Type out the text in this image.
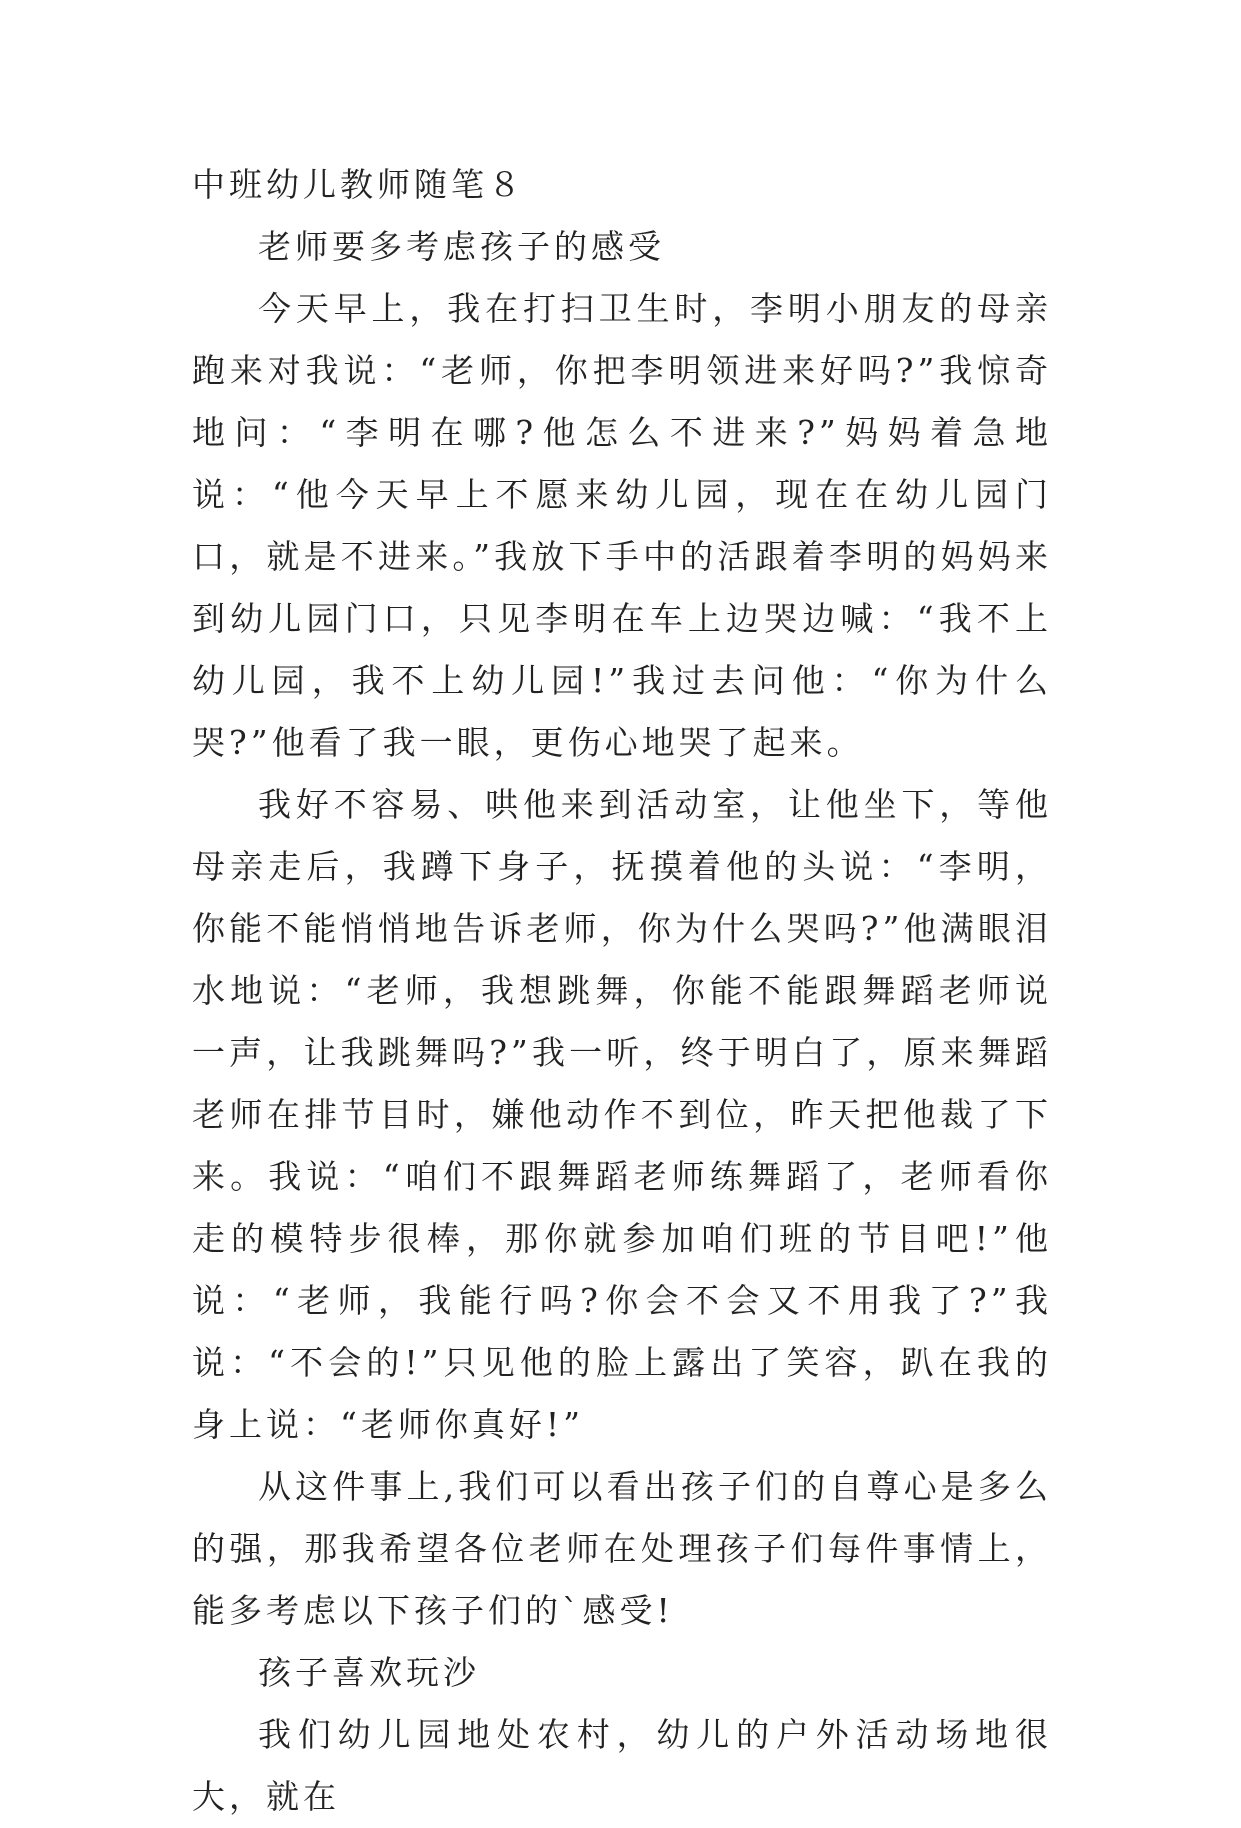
中班幼儿教师随笔８

老师要多考虑孩子的感受

今天早上，我在打扫卫生时，李明小朋友的母亲跑来对我说：“老师，你把李明领进来好吗?”我惊奇地问：“李明在哪?他怎么不进来?”妈妈着急地说：“他今天早上不愿来幼儿园，现在在幼儿园门口，就是不进来。”我放下手中的活跟着李明的妈妈来到幼儿园门口，只见李明在车上边哭边喊：“我不上幼儿园，我不上幼儿园!”我过去问他：“你为什么哭?”他看了我一眼，更伤心地哭了起来。

我好不容易、哄他来到活动室，让他坐下，等他母亲走后，我蹲下身子，抚摸着他的头说：“李明，你能不能悄悄地告诉老师，你为什么哭吗?”他满眼泪水地说：“老师，我想跳舞，你能不能跟舞蹈老师说一声，让我跳舞吗?”我一听，终于明白了，原来舞蹈老师在排节目时，嫌他动作不到位，昨天把他裁了下来。我说：“咱们不跟舞蹈老师练舞蹈了，老师看你走的模特步很棒，那你就参加咱们班的节目吧!”他说：“老师，我能行吗?你会不会又不用我了?”我说：“不会的!”只见他的脸上露出了笑容，趴在我的身上说：“老师你真好!”

从这件事上,我们可以看出孩子们的自尊心是多么的强，那我希望各位老师在处理孩子们每件事情上，能多考虑以下孩子们的`感受!

孩子喜欢玩沙

我们幼儿园地处农村，幼儿的户外活动场地很大，就在
